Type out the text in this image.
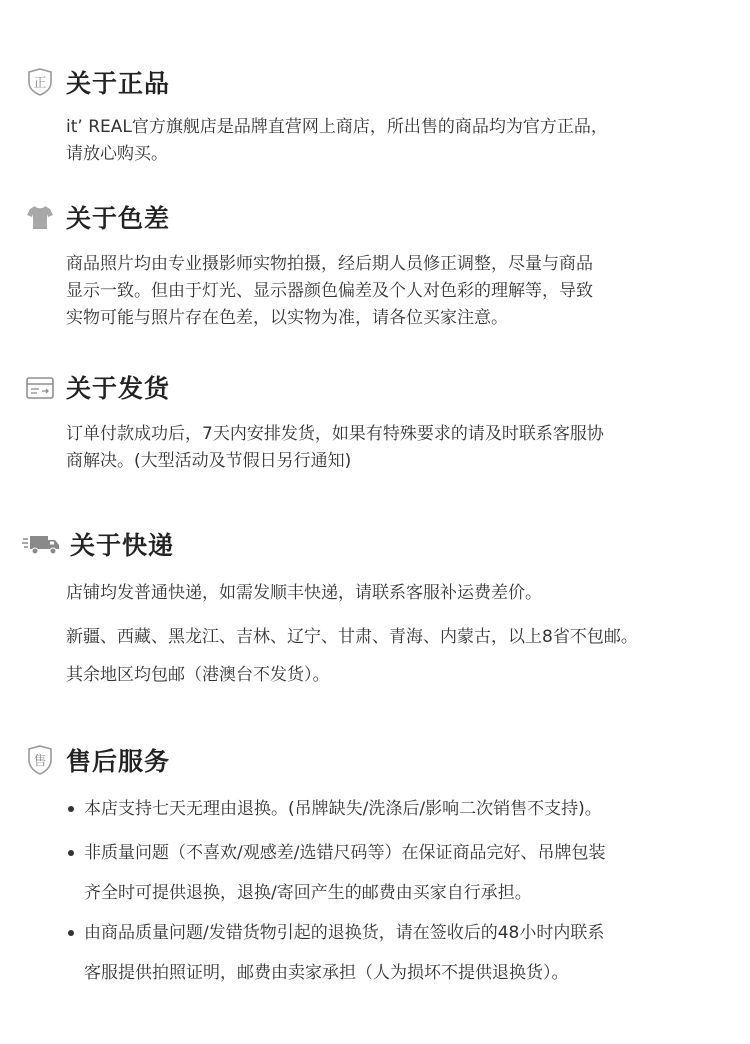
正 关于正品
it’ REAL官方旗舰店是品牌直营网上商店，所出售的商品均为官方正品，
请放心购买。
关于色差
商品照片均由专业摄影师实物拍摄，经后期人员修正调整，尽量与商品
显示一致。但由于灯光、显示器颜色偏差及个人对色彩的理解等，导致
实物可能与照片存在色差，以实物为准，请各位买家注意。
关于发货
订单付款成功后，7天内安排发货，如果有特殊要求的请及时联系客服协
商解决。(大型活动及节假日另行通知)
关于快递
店铺均发普通快递，如需发顺丰快递，请联系客服补运费差价。
新疆、西藏、黑龙江、吉林、辽宁、甘肃、青海、内蒙古，以上8省不包邮。
其余地区均包邮（港澳台不发货）。
售 售后服务
本店支持七天无理由退换。(吊牌缺失/洗涤后/影响二次销售不支持)。
非质量问题（不喜欢/观感差/选错尺码等）在保证商品完好、吊牌包装
齐全时可提供退换，退换/寄回产生的邮费由买家自行承担。
由商品质量问题/发错货物引起的退换货，请在签收后的48小时内联系
客服提供拍照证明，邮费由卖家承担（人为损坏不提供退换货）。
